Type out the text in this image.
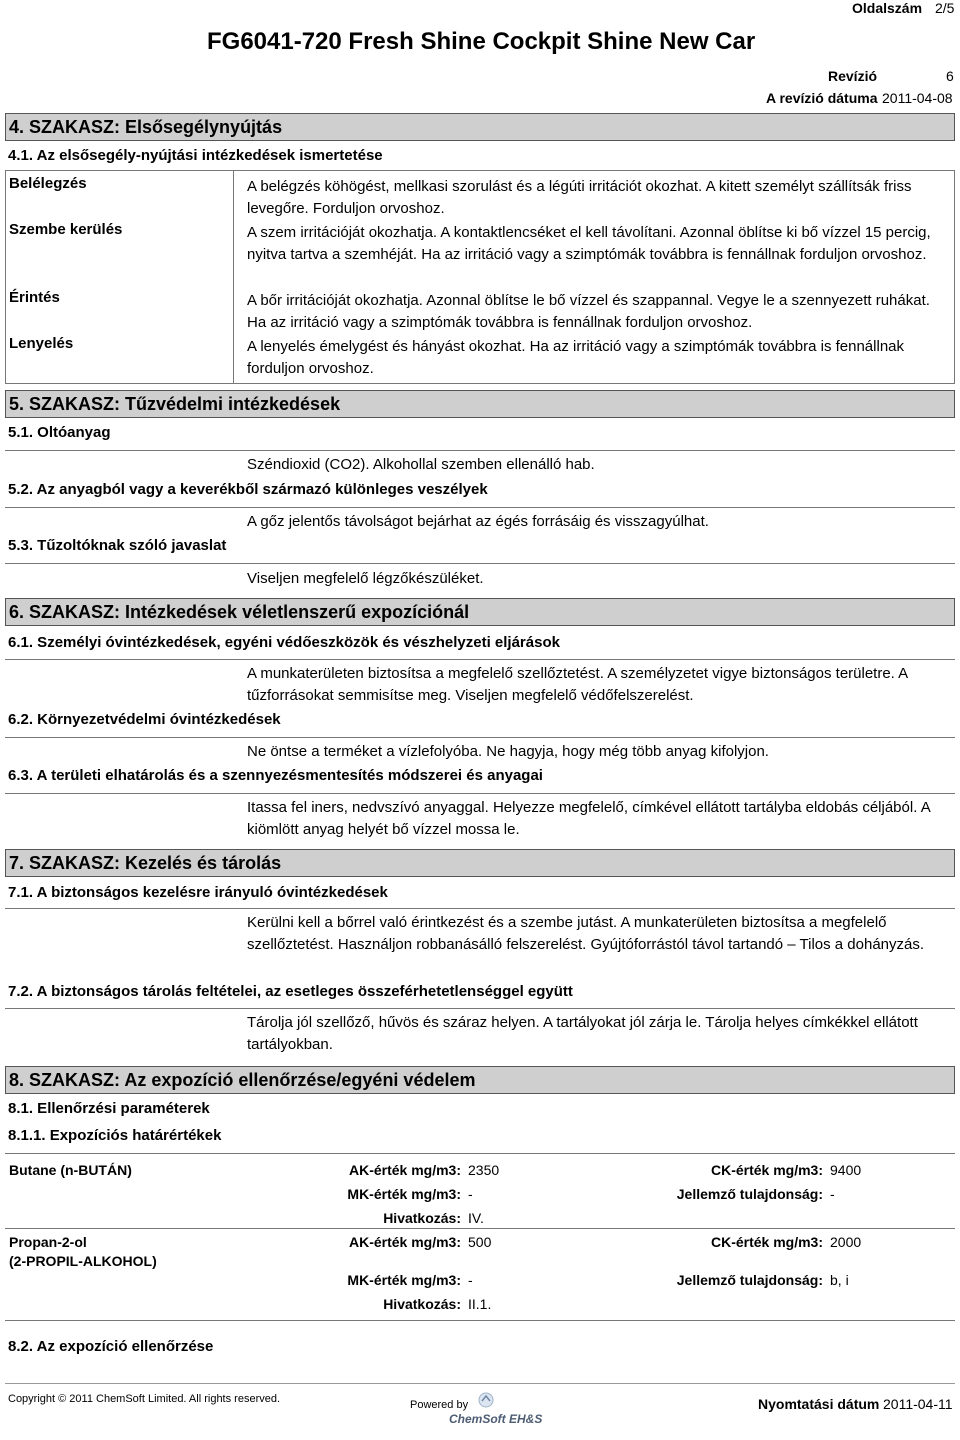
FG6041-720 Fresh Shine Cockpit Shine New Car
Oldalszám 2/5
Revízió	6
A revízió dátuma 2011-04-08
4. SZAKASZ: Elsősegélynyújtás
4.1. Az elsősegély-nyújtási intézkedések ismertetése
Belélegzés	A belégzés köhögést, mellkasi szorulást és a légúti irritációt okozhat. A kitett személyt szállítsák friss levegőre. Forduljon orvoshoz.
Szembe kerülés	A szem irritációját okozhatja. A kontaktlencséket el kell távolítani. Azonnal öblítse ki bő vízzel 15 percig, nyitva tartva a szemhéját. Ha az irritáció vagy a szimptómák továbbra is fennállnak forduljon orvoshoz.
Érintés	A bőr irritációját okozhatja. Azonnal öblítse le bő vízzel és szappannal. Vegye le a szennyezett ruhákat. Ha az irritáció vagy a szimptómák továbbra is fennállnak forduljon orvoshoz.
Lenyelés	A lenyelés émelygést és hányást okozhat. Ha az irritáció vagy a szimptómák továbbra is fennállnak forduljon orvoshoz.
5. SZAKASZ: Tűzvédelmi intézkedések
5.1. Oltóanyag
Széndioxid (CO2). Alkohollal szemben ellenálló hab.
5.2. Az anyagból vagy a keverékből származó különleges veszélyek
A gőz jelentős távolságot bejárhat az égés forrásáig és visszagyúlhat.
5.3. Tűzoltóknak szóló javaslat
Viseljen megfelelő légzőkészüléket.
6. SZAKASZ: Intézkedések véletlenszerű expozíciónál
6.1. Személyi óvintézkedések, egyéni védőeszközök és vészhelyzeti eljárások
A munkaterületen biztosítsa a megfelelő szellőztetést. A személyzetet vigye biztonságos területre. A tűzforrásokat semmisítse meg. Viseljen megfelelő védőfelszerelést.
6.2. Környezetvédelmi óvintézkedések
Ne öntse a terméket a vízlefolyóba. Ne hagyja, hogy még több anyag kifolyjon.
6.3. A területi elhatárolás és a szennyezésmentesítés módszerei és anyagai
Itassa fel iners, nedvszívó anyaggal. Helyezze megfelelő, címkével ellátott tartályba eldobás céljából. A kiömlött anyag helyét bő vízzel mossa le.
7. SZAKASZ: Kezelés és tárolás
7.1. A biztonságos kezelésre irányuló óvintézkedések
Kerülni kell a bőrrel való érintkezést és a szembe jutást. A munkaterületen biztosítsa a megfelelő szellőztetést. Használjon robbanásálló felszerelést. Gyújtóforrástól távol tartandó – Tilos a dohányzás.
7.2. A biztonságos tárolás feltételei, az esetleges összeférhetetlenséggel együtt
Tárolja jól szellőző, hűvös és száraz helyen. A tartályokat jól zárja le. Tárolja helyes címkékkel ellátott tartályokban.
8. SZAKASZ: Az expozíció ellenőrzése/egyéni védelem
8.1. Ellenőrzési paraméterek
8.1.1. Expozíciós határértékek
Butane (n-BUTÁN)	AK-érték mg/m3: 2350	CK-érték mg/m3: 9400
MK-érték mg/m3: -	Jellemző tulajdonság: -
Hivatkozás: IV.
Propan-2-ol
(2-PROPIL-ALKOHOL)
AK-érték mg/m3: 500	CK-érték mg/m3: 2000
MK-érték mg/m3: -	Jellemző tulajdonság: b, i
Hivatkozás: II.1.
8.2. Az expozíció ellenőrzése
Copyright © 2011 ChemSoft Limited. All rights reserved.	Powered by
ChemSoft EH&S
Nyomtatási dátum 2011-04-11
